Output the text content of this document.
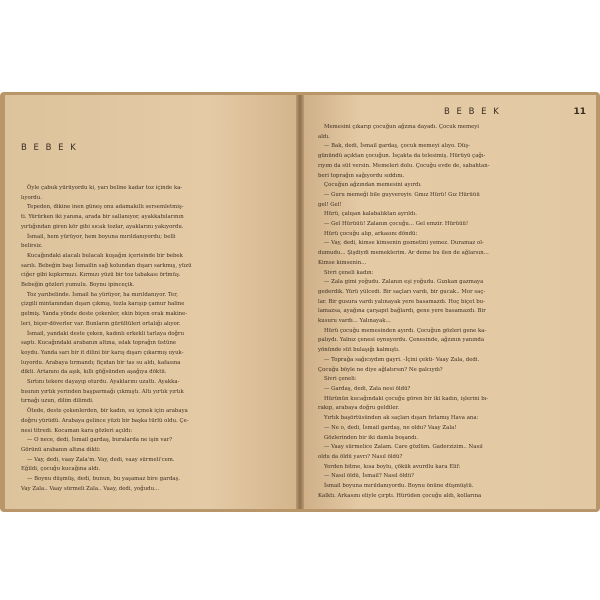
B E B E K
Öyle çabuk yürüyordu ki, yarı beline kadar toz içinde ka-
lıyordu.
Tepeden, dikine inen güneş onu adamakıllı sersemletmiş-
ti. Yürürken iki yanına, arada bir sallanıyor, ayakkabılarının
yırtığından giren kör gibi sıcak tozlar, ayaklarını yakıyordu.
İsmail, hem yürüyor, hem boyuna mırıldanıyordu; belli
belirsiz.
Kucağındaki alacalı bulacalı kuşağın içerisinde bir bebek
sarılı. Bebeğin başı İsmailin sağ kolundan dışarı sarkmış, yüzü
ciğer gibi kıpkırmızı. Kırmızı yüzü bir toz tabakası örtmüş.
Bebeğin gözleri yumulu. Boynu ipinceçik.
Toz yarıbelinde. İsmail ha yürüyor, ha mırıldanıyor. Ter,
çizgili mintanından dışarı çıkmış, tozla karışıp çamur haline
gelmiş. Yanda yönde deste çekenler, ekin biçen orak makine-
leri, biçer-döverler var. Bunların gürültüleri ortalığı alıyor.
İsmail, yandaki deste çeken, kadınlı erkekli tarlaya doğru
saptı. Kucağındaki arabanın altına, ıslak toprağın üstüne
koydu. Yanda sarı bir it dilini bir karış dışarı çıkarmış uyuk-
luyordu. Arabaya tırmandı; fiçıdan bir tas su aldı, kafasına
dikti. Artanını da aşık, kıllı göğsünden aşağıya döktü.
Sırtını tekere dayayıp oturdu. Ayaklarını uzattı. Ayakka-
bısının yırtık yerinden başparmağı çıkmıştı. Altı yırtık yırtık
tırnağı uzun, dilim dilimdi.
Ötede, deste çekenlerden, bir kadın, su içmek için arabaya
doğru yürüdü. Arabaya gelince yüzü bir başka türlü oldu. Çe-
nesi titredi. Kocaman kara gözleri açıldı:
— O nece, dedi, İsmail gardaş, buralarda ne işin var?
Görünü arabanın altına dikti:
— Vay, dedi, vaay Zala'm. Vay, dedi, vaay sürmeli'cem.
Eğildi, çocuğu kucağına aldı.
— Boynu düşmüş, dedi, bunun, bu yaşamaz bire gardaş.
Vay Zala.. Vaay sürmeli Zala.. Vaay, dedi, yoğudu...
B E B E K	11
Memesini çıkarıp çocuğun ağzına dayadı. Çocuk memeyi
aldı.
— Bak, dedi, İsmail gardaş, çocuk memeyi alıyo. Düş-
günündü açıktan çocuğun. İsçakta da telesimiş. Hürüyü çağı-
rıyım da süt versin. Memeleri dolu. Çocuğu evde de, sabahtan-
beri toprağın sağıyordu sıddını.
Çocuğun ağzından memesini ayırdı.
— Guru memeği bile guyveroyiv. Gmız Hürü! Gız Hürüüü
gel! Gel!
Hürü, çalışan kalabalıktan ayrıldı.
— Gel Hürüüü! Zalanın çocuğu... Gel emzir. Hürüüü!
Hürü çocuğu alıp, arkasını döndü:
— Vay, dedi, kimse kimsenin gısmetini yemez. Duramaz ol-
dumudu... Şişdiydi memeklerim. Ar deme bu ilen de ağlarsın...
Kimse kimsenin...
Sivri çeneli kadın:
— Zala gimi yoğudu. Zalanın eşi yoğudu. Gızıkan gazmaya
gederdik. Yürü yülcedi. Bir saçları vardı, bir gucak.. Mor saç-
lar. Bir gusura vardı yalınayak yere basamazdı. Hoç biçet bu-
lamazsa, ayağına çarşapıt bağlardı, gene yere basamazdı. Bir
kusuru vardı... Yalınayak...
Hürü çocuğu memesinden ayırdı. Çocuğun gözleri gene ka-
palıydı. Yalnız çenesi oynuyordu. Çenesinde, ağzının yanında
yönünde süt bulaşığı kalmıştı.
— Toprağa sağıcıydım gayri. -İçini çekti- Vaay Zala, dedi.
Çocuğu böyle ne diye ağlatırsın? Ne galcıydı?
Sivri çeneli:
— Gardaş, dedi, Zala nesi öldü?
Hürünün kucağındaki çocuğu gören bir iki kadın, işlerini bı-
rakıp, arabaya doğru geldiler.
Yırtık başörtüsünden ak saçları dışarı fırlamış Hava ana:
— Ne o, dedi, İsmail gardaş, ne oldu? Vaay Zala!
Gözlerinden bir iki damla boşandı.
— Vaay sürmelice Zalam. Care gözlüm. Gaderzizim.. Nasıl
oldu da öldü yavrı? Nasıl öldü?
Yerden bitme, kısa boylu, çökük avurdlu kara Elif:
— Nasıl öldü, İsmail? Nasıl öldü?
İsmail boyuna mırıldanıyordu. Boynu önüne düşmüştü.
Kalktı. Arkasını eliyle çırptı. Hürüden çocuğu aldı, kollarına
